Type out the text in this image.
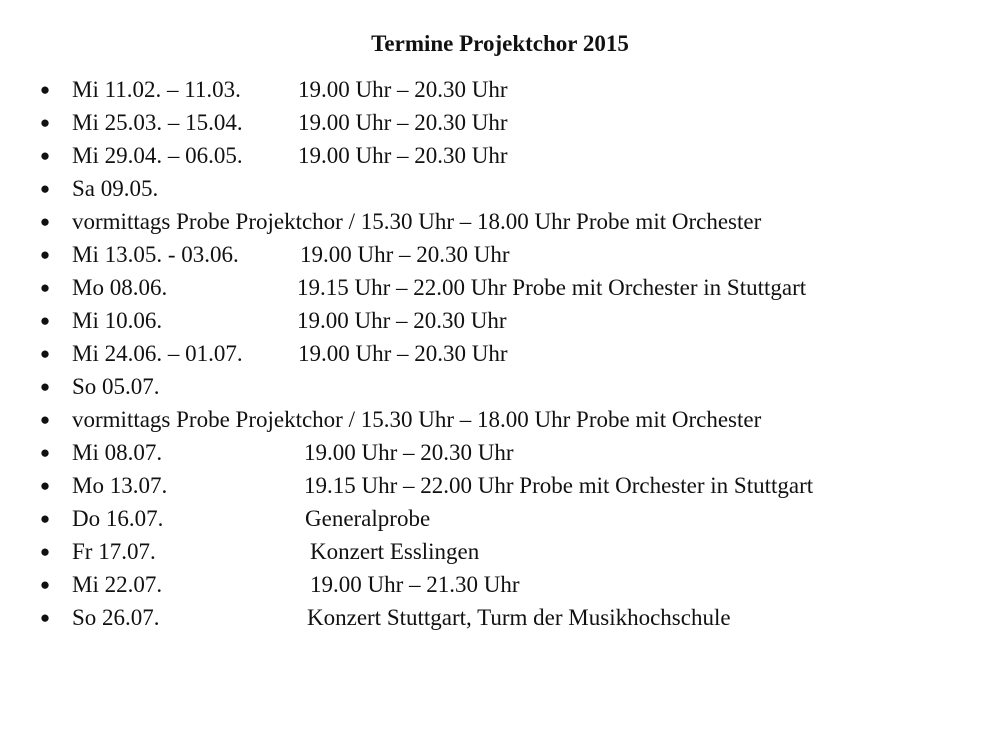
Termine Projektchor 2015
● Mi 11.02. – 11.03. 19.00 Uhr – 20.30 Uhr
● Mi 25.03. – 15.04. 19.00 Uhr – 20.30 Uhr
● Mi 29.04. – 06.05. 19.00 Uhr – 20.30 Uhr
● Sa 09.05.
● vormittags Probe Projektchor / 15.30 Uhr – 18.00 Uhr Probe mit Orchester
● Mi 13.05. - 03.06.	19.00 Uhr – 20.30 Uhr
● Mo 08.06.	19.15 Uhr – 22.00 Uhr Probe mit Orchester in Stuttgart
● Mi 10.06.	19.00 Uhr – 20.30 Uhr
● Mi 24.06. – 01.07. 19.00 Uhr – 20.30 Uhr
● So 05.07.
● vormittags Probe Projektchor / 15.30 Uhr – 18.00 Uhr Probe mit Orchester
● Mi 08.07.	19.00 Uhr – 20.30 Uhr
● Mo 13.07.	19.15 Uhr – 22.00 Uhr Probe mit Orchester in Stuttgart
● Do 16.07.	Generalprobe
● Fr 17.07.	Konzert Esslingen
● Mi 22.07.	19.00 Uhr – 21.30 Uhr
● So 26.07.	Konzert Stuttgart, Turm der Musikhochschule
